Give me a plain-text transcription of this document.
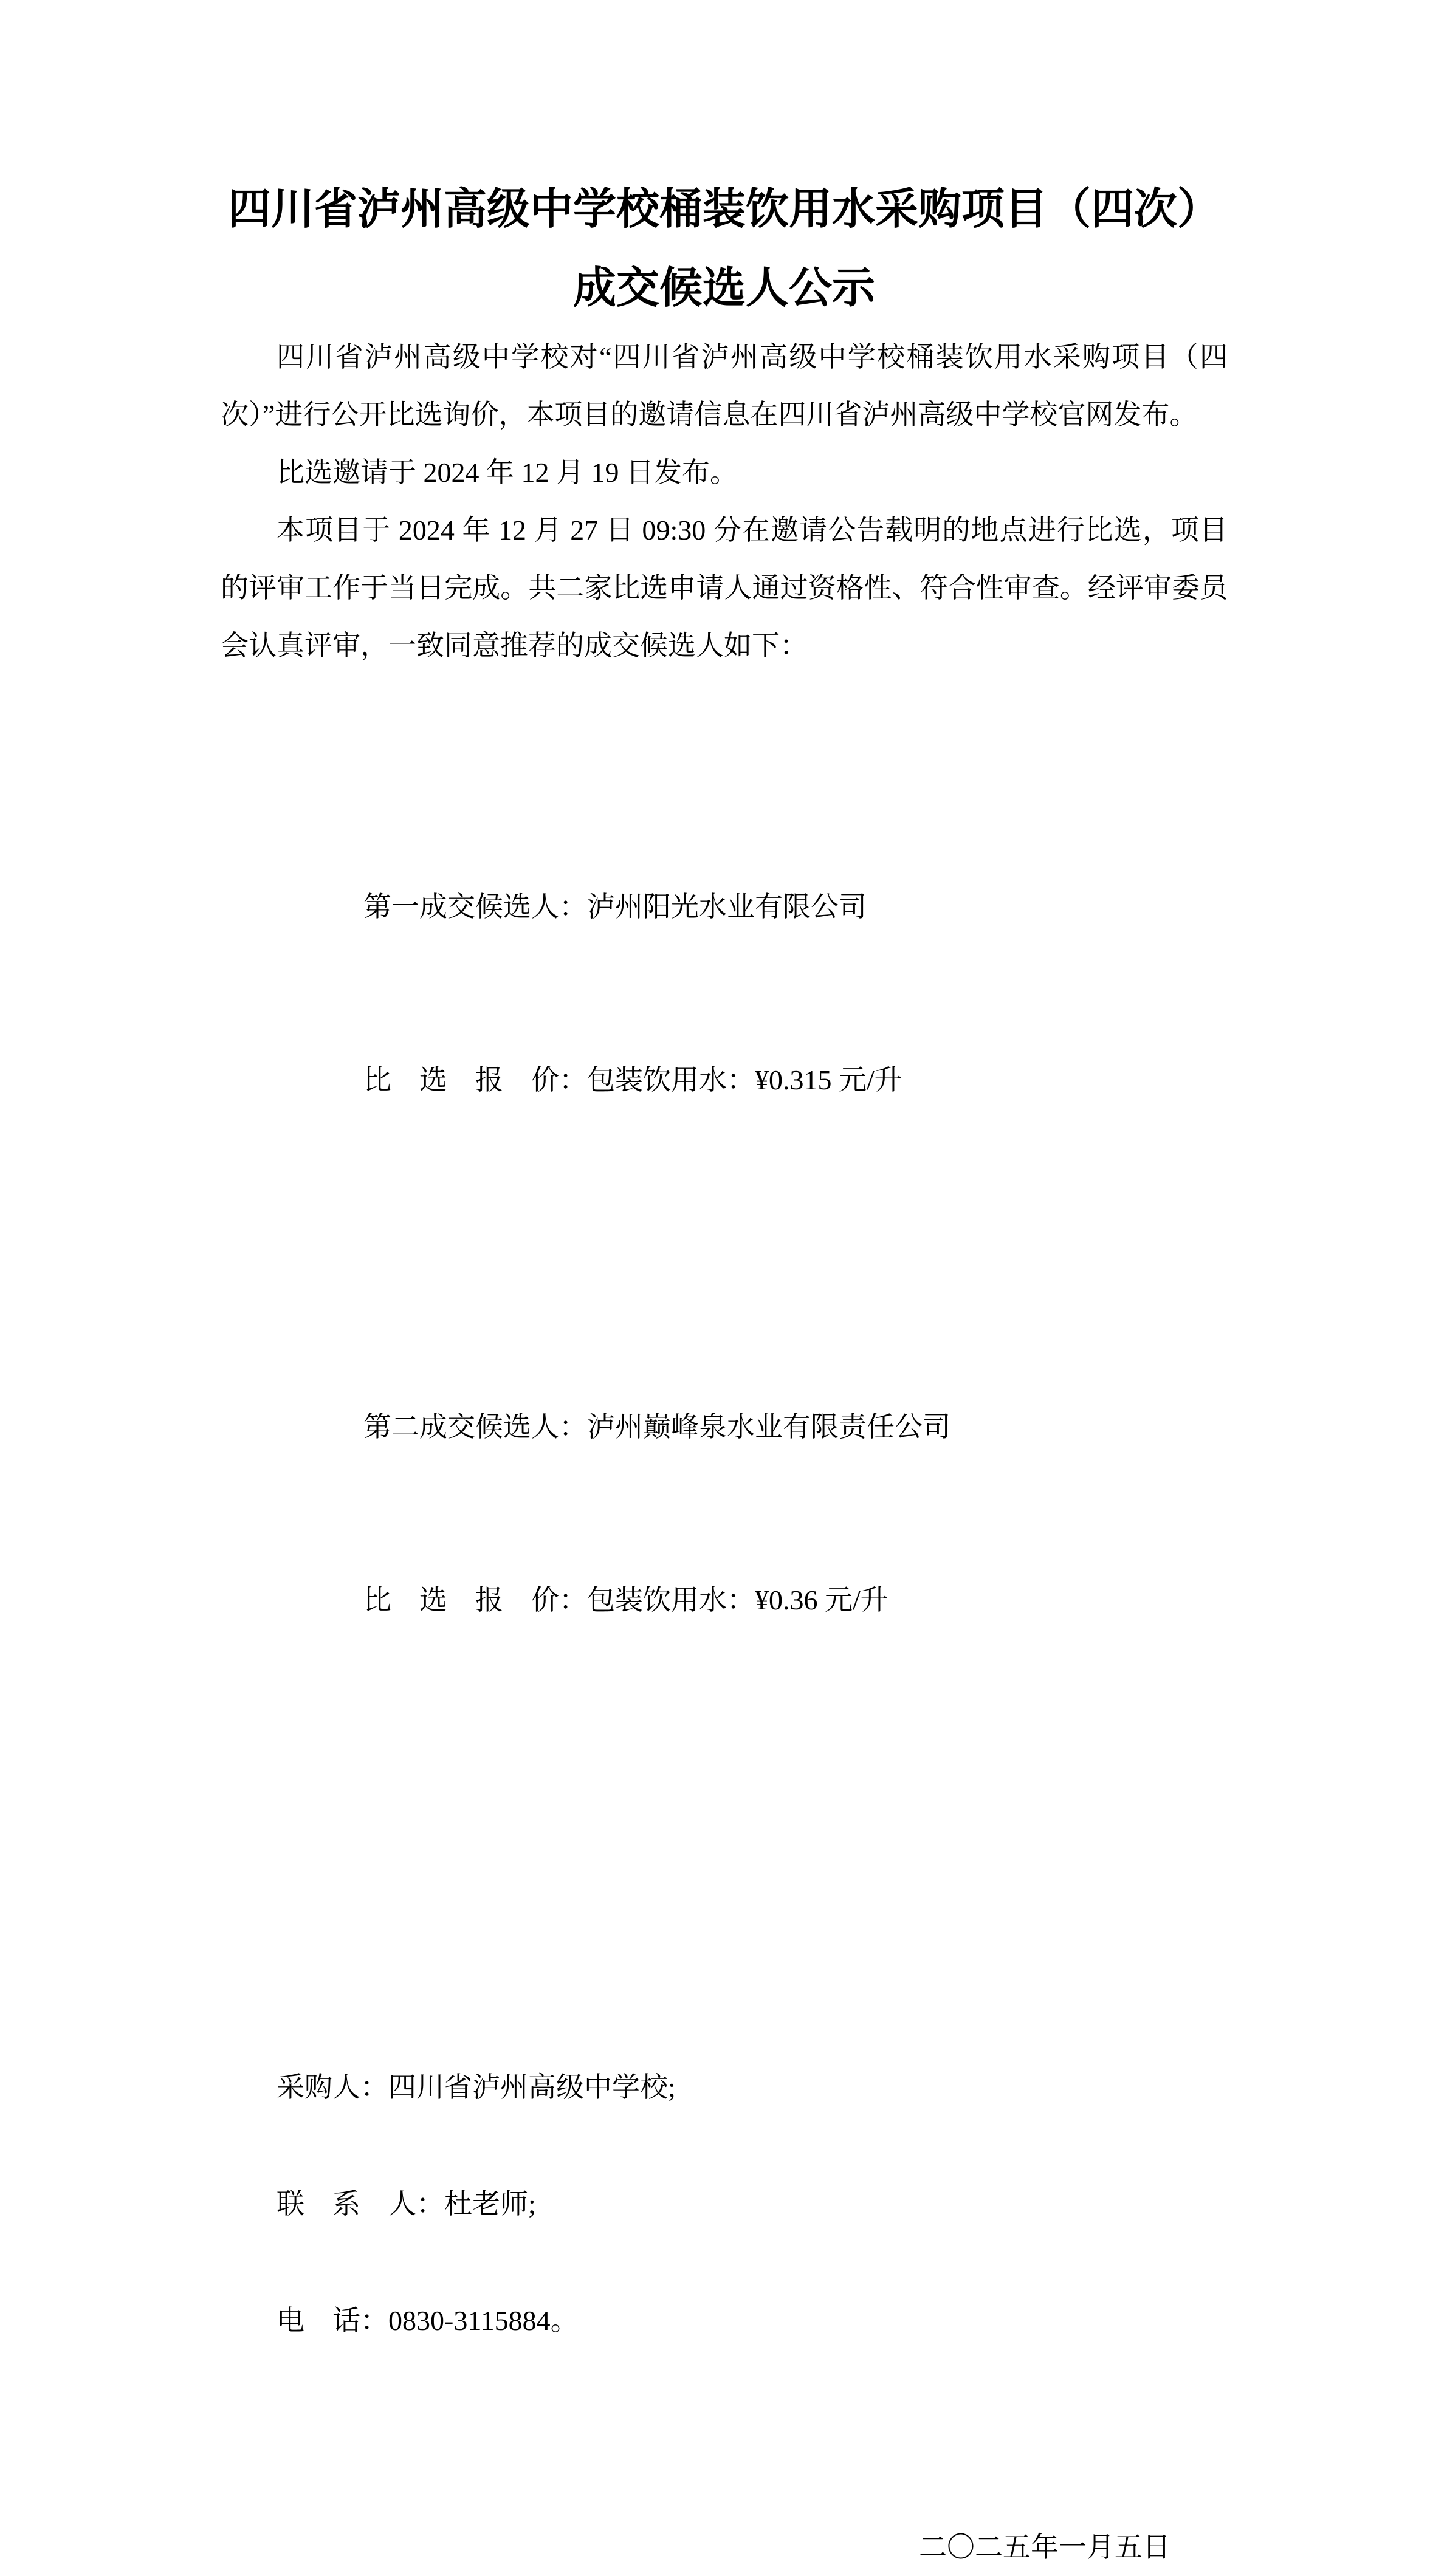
四川省泸州高级中学校桶装饮用水采购项目（四次）
成交候选人公示

四川省泸州高级中学校对“四川省泸州高级中学校桶装饮用水采购项目（四次）”进行公开比选询价，本项目的邀请信息在四川省泸州高级中学校官网发布。

比选邀请于 2024 年 12 月 19 日发布。

本项目于 2024 年 12 月 27 日 09:30 分在邀请公告载明的地点进行比选，项目的评审工作于当日完成。共二家比选申请人通过资格性、符合性审查。经评审委员会认真评审，一致同意推荐的成交候选人如下：

第一成交候选人：泸州阳光水业有限公司

比　选　报　价：包装饮用水：¥0.315 元/升

第二成交候选人：泸州巅峰泉水业有限责任公司

比　选　报　价：包装饮用水：¥0.36 元/升

采购人：四川省泸州高级中学校;

联　系　人：杜老师;

电　话：0830-3115884。

二〇二五年一月五日
